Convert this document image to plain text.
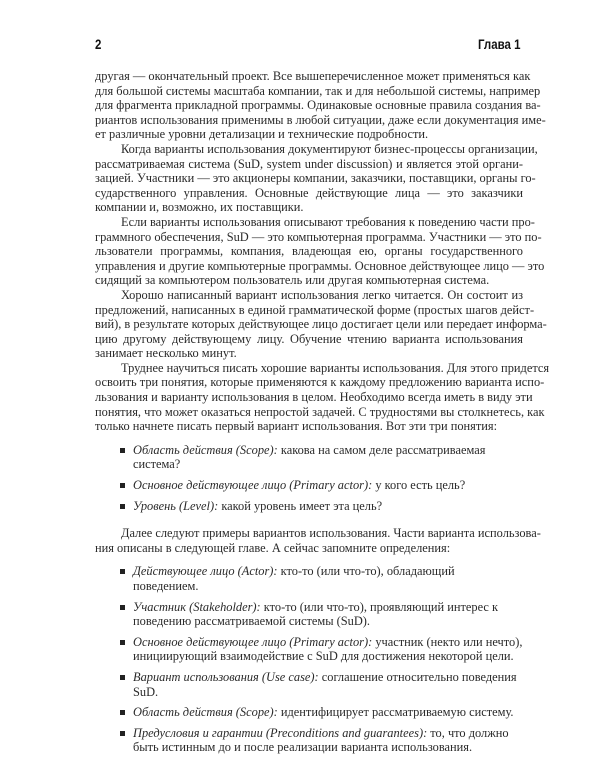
2	Глава 1
другая — окончательный проект. Все вышеперечисленное может применяться как
для большой системы масштаба компании, так и для небольшой системы, например
для фрагмента прикладной программы. Одинаковые основные правила создания ва-
риантов использования применимы в любой ситуации, даже если документация име-
ет различные уровни детализации и технические подробности.
Когда варианты использования документируют бизнес-процессы организации,
рассматриваемая система (SuD, system under discussion) и является этой органи-
зацией. Участники — это акционеры компании, заказчики, поставщики, органы го-
сударственного управления. Основные действующие лица — это заказчики
компании и, возможно, их поставщики.
Если варианты использования описывают требования к поведению части про-
граммного обеспечения, SuD — это компьютерная программа. Участники — это по-
льзователи программы, компания, владеющая ею, органы государственного
управления и другие компьютерные программы. Основное действующее лицо — это
сидящий за компьютером пользователь или другая компьютерная система.
Хорошо написанный вариант использования легко читается. Он состоит из
предложений, написанных в единой грамматической форме (простых шагов дейст-
вий), в результате которых действующее лицо достигает цели или передает информа-
цию другому действующему лицу. Обучение чтению варианта использования
занимает несколько минут.
Труднее научиться писать хорошие варианты использования. Для этого придется
освоить три понятия, которые применяются к каждому предложению варианта испо-
льзования и варианту использования в целом. Необходимо всегда иметь в виду эти
понятия, что может оказаться непростой задачей. С трудностями вы столкнетесь, как
только начнете писать первый вариант использования. Вот эти три понятия:
Область действия (Scope): какова на самом деле рассматриваемая система?
Основное действующее лицо (Primary actor): у кого есть цель?
Уровень (Level): какой уровень имеет эта цель?
Далее следуют примеры вариантов использования. Части варианта использова-
ния описаны в следующей главе. А сейчас запомните определения:
Действующее лицо (Actor): кто-то (или что-то), обладающий поведением.
Участник (Stakeholder): кто-то (или что-то), проявляющий интерес к поведению рассматриваемой системы (SuD).
Основное действующее лицо (Primary actor): участник (некто или нечто), инициирующий взаимодействие с SuD для достижения некоторой цели.
Вариант использования (Use case): соглашение относительно поведения SuD.
Область действия (Scope): идентифицирует рассматриваемую систему.
Предусловия и гарантии (Preconditions and guarantees): то, что должно быть истинным до и после реализации варианта использования.
